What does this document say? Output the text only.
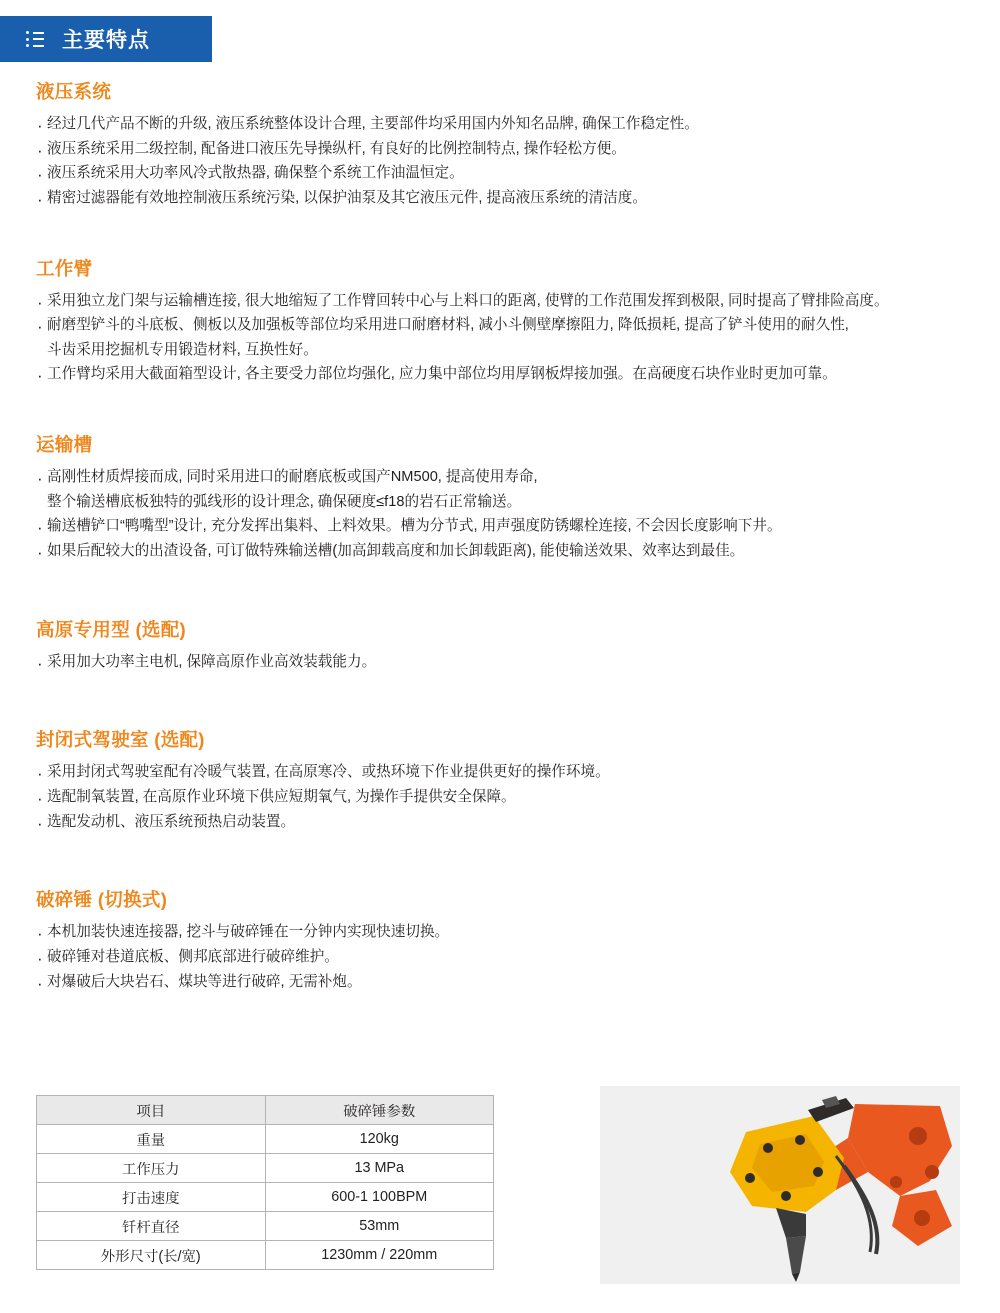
主要特点
液压系统
· 经过几代产品不断的升级, 液压系统整体设计合理, 主要部件均采用国内外知名品牌, 确保工作稳定性。
· 液压系统采用二级控制, 配备进口液压先导操纵杆, 有良好的比例控制特点, 操作轻松方便。
· 液压系统采用大功率风冷式散热器, 确保整个系统工作油温恒定。
· 精密过滤器能有效地控制液压系统污染, 以保护油泵及其它液压元件, 提高液压系统的清洁度。
工作臂
· 采用独立龙门架与运输槽连接, 很大地缩短了工作臂回转中心与上料口的距离, 使臂的工作范围发挥到极限, 同时提高了臂排险高度。
· 耐磨型铲斗的斗底板、侧板以及加强板等部位均采用进口耐磨材料, 减小斗侧壁摩擦阻力, 降低损耗, 提高了铲斗使用的耐久性,
斗齿采用挖掘机专用锻造材料, 互换性好。
· 工作臂均采用大截面箱型设计, 各主要受力部位均强化, 应力集中部位均用厚钢板焊接加强。在高硬度石块作业时更加可靠。
运输槽
· 高刚性材质焊接而成, 同时采用进口的耐磨底板或国产NM500, 提高使用寿命,
整个输送槽底板独特的弧线形的设计理念, 确保硬度≤f18的岩石正常输送。
· 输送槽铲口“鸭嘴型”设计, 充分发挥出集料、上料效果。槽为分节式, 用声强度防锈螺栓连接, 不会因长度影响下井。
· 如果后配较大的出渣设备, 可订做特殊输送槽(加高卸载高度和加长卸载距离), 能使输送效果、效率达到最佳。
高原专用型 (选配)
· 采用加大功率主电机, 保障高原作业高效装载能力。
封闭式驾驶室 (选配)
· 采用封闭式驾驶室配有冷暖气装置, 在高原寒冷、或热环境下作业提供更好的操作环境。
· 选配制氧装置, 在高原作业环境下供应短期氧气, 为操作手提供安全保障。
· 选配发动机、液压系统预热启动装置。
破碎锤 (切换式)
· 本机加装快速连接器, 挖斗与破碎锤在一分钟内实现快速切换。
· 破碎锤对巷道底板、侧邦底部进行破碎维护。
· 对爆破后大块岩石、煤块等进行破碎, 无需补炮。
项目	破碎锤参数
重量	120kg
工作压力	13 MPa
打击速度	600-1 100BPM
钎杆直径	53mm
外形尺寸(长/宽)	1230mm / 220mm
